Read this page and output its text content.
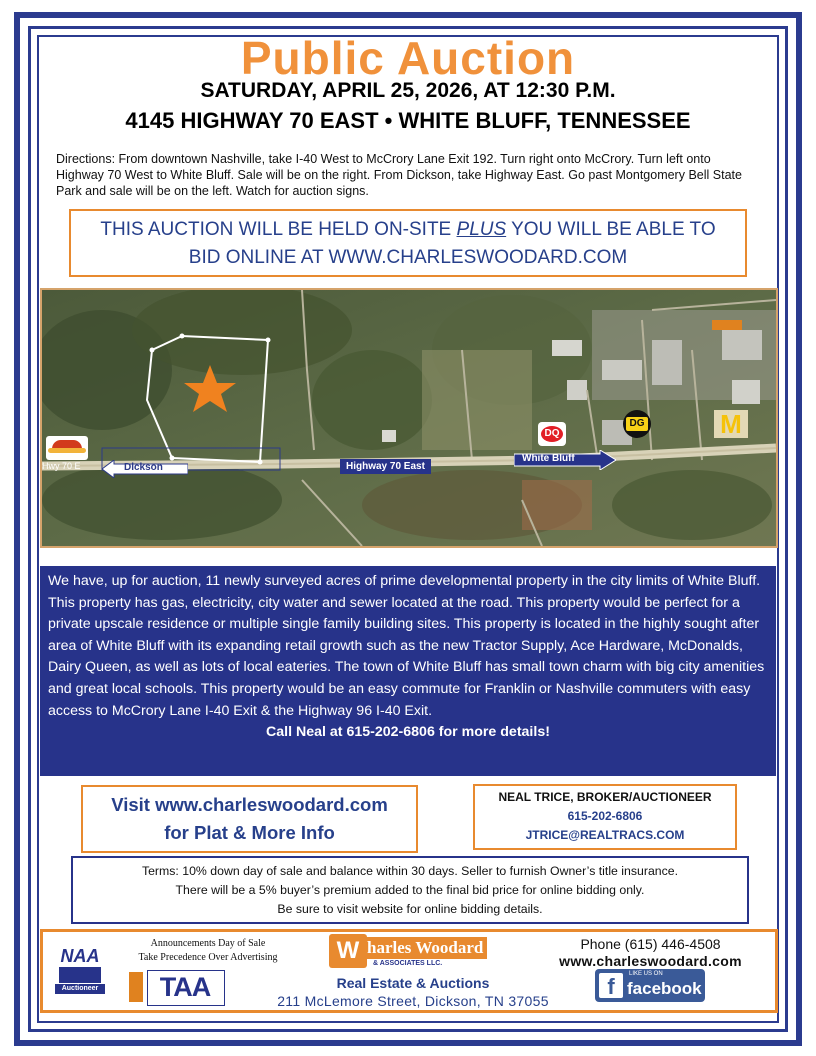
Public Auction
SATURDAY, APRIL 25, 2026, AT 12:30 P.M.
4145 HIGHWAY 70 EAST • WHITE BLUFF, TENNESSEE
Directions: From downtown Nashville, take I-40 West to McCrory Lane Exit 192. Turn right onto McCrory. Turn left onto Highway 70 West to White Bluff. Sale will be on the right. From Dickson, take Highway East. Go past Montgomery Bell State Park and sale will be on the left. Watch for auction signs.
THIS AUCTION WILL BE HELD ON-SITE PLUS YOU WILL BE ABLE TO
BID ONLINE AT WWW.CHARLESWOODARD.COM
Hwy 70 E	Dickson	Highway 70 East
White Bluff
DQ
DG	M
We have, up for auction, 11 newly surveyed acres of prime developmental property in the city limits of White Bluff. This property has gas, electricity, city water and sewer located at the road. This property would be perfect for a private upscale residence or multiple single family building sites. This property is located in the highly sought after area of White Bluff with its expanding retail growth such as the new Tractor Supply, Ace Hardware, McDonalds, Dairy Queen, as well as lots of local eateries. The town of White Bluff has small town charm with big city amenities and great local schools. This property would be an easy commute for Franklin or Nashville commuters with easy access to McCrory Lane I-40 Exit & the Highway 96 I-40 Exit.
Call Neal at 615-202-6806 for more details!
Visit www.charleswoodard.com
for Plat & More Info
NEAL TRICE, BROKER/AUCTIONEER
615-202-6806
JTRICE@REALTRACS.COM
Terms: 10% down day of sale and balance within 30 days. Seller to furnish Owner’s title insurance.
There will be a 5% buyer’s premium added to the final bid price for online bidding only.
Be sure to visit website for online bidding details.
NAA
Auctioneer
Announcements Day of Sale
Take Precedence Over Advertising
TAA
W harles Woodard
& ASSOCIATES LLC.
Real Estate & Auctions
211 McLemore Street, Dickson, TN 37055
Phone (615) 446-4508
www.charleswoodard.com
f	LIKE US ON
facebook
